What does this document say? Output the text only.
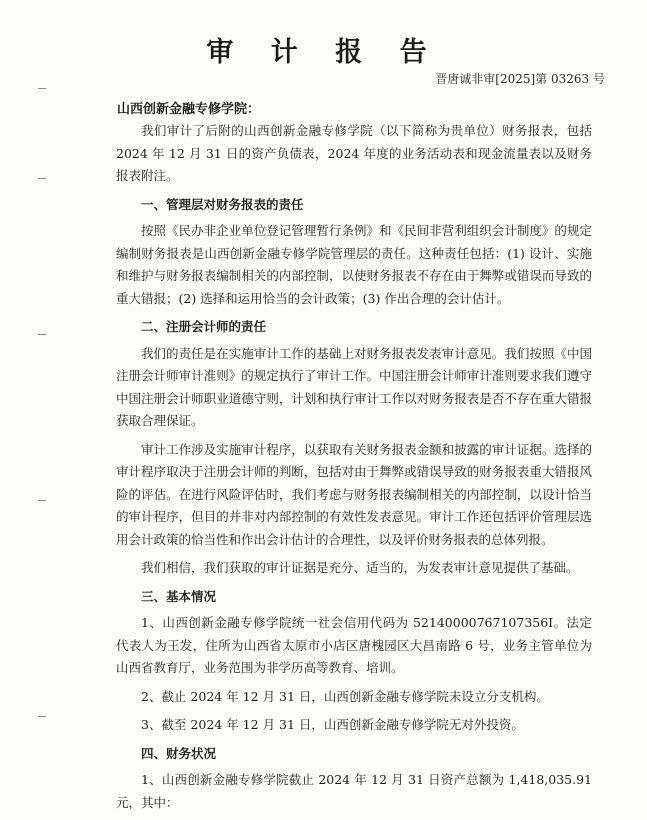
审 计 报 告
晋唐诚非审[2025]第 03263 号
山西创新金融专修学院：

我们审计了后附的山西创新金融专修学院（以下简称为贵单位）财务报表，包括 2024 年 12 月 31 日的资产负债表，2024 年度的业务活动表和现金流量表以及财务报表附注。

一、管理层对财务报表的责任

按照《民办非企业单位登记管理暂行条例》和《民间非营利组织会计制度》的规定编制财务报表是山西创新金融专修学院管理层的责任。这种责任包括：(1) 设计、实施和维护与财务报表编制相关的内部控制，以使财务报表不存在由于舞弊或错误而导致的重大错报；(2) 选择和运用恰当的会计政策；(3) 作出合理的会计估计。

二、注册会计师的责任

我们的责任是在实施审计工作的基础上对财务报表发表审计意见。我们按照《中国注册会计师审计准则》的规定执行了审计工作。中国注册会计师审计准则要求我们遵守中国注册会计师职业道德守则，计划和执行审计工作以对财务报表是否不存在重大错报获取合理保证。

审计工作涉及实施审计程序，以获取有关财务报表金额和披露的审计证据。选择的审计程序取决于注册会计师的判断，包括对由于舞弊或错误导致的财务报表重大错报风险的评估。在进行风险评估时，我们考虑与财务报表编制相关的内部控制，以设计恰当的审计程序，但目的并非对内部控制的有效性发表意见。审计工作还包括评价管理层选用会计政策的恰当性和作出会计估计的合理性，以及评价财务报表的总体列报。

我们相信，我们获取的审计证据是充分、适当的，为发表审计意见提供了基础。

三、基本情况

1、山西创新金融专修学院统一社会信用代码为 52140000767107356I。法定代表人为王发，住所为山西省太原市小店区唐槐园区大昌南路 6 号，业务主管单位为山西省教育厅，业务范围为非学历高等教育、培训。

2、截止 2024 年 12 月 31 日，山西创新金融专修学院未设立分支机构。

3、截至 2024 年 12 月 31 日，山西创新金融专修学院无对外投资。

四、财务状况

1、山西创新金融专修学院截止 2024 年 12 月 31 日资产总额为 1,418,035.91 元，其中：
